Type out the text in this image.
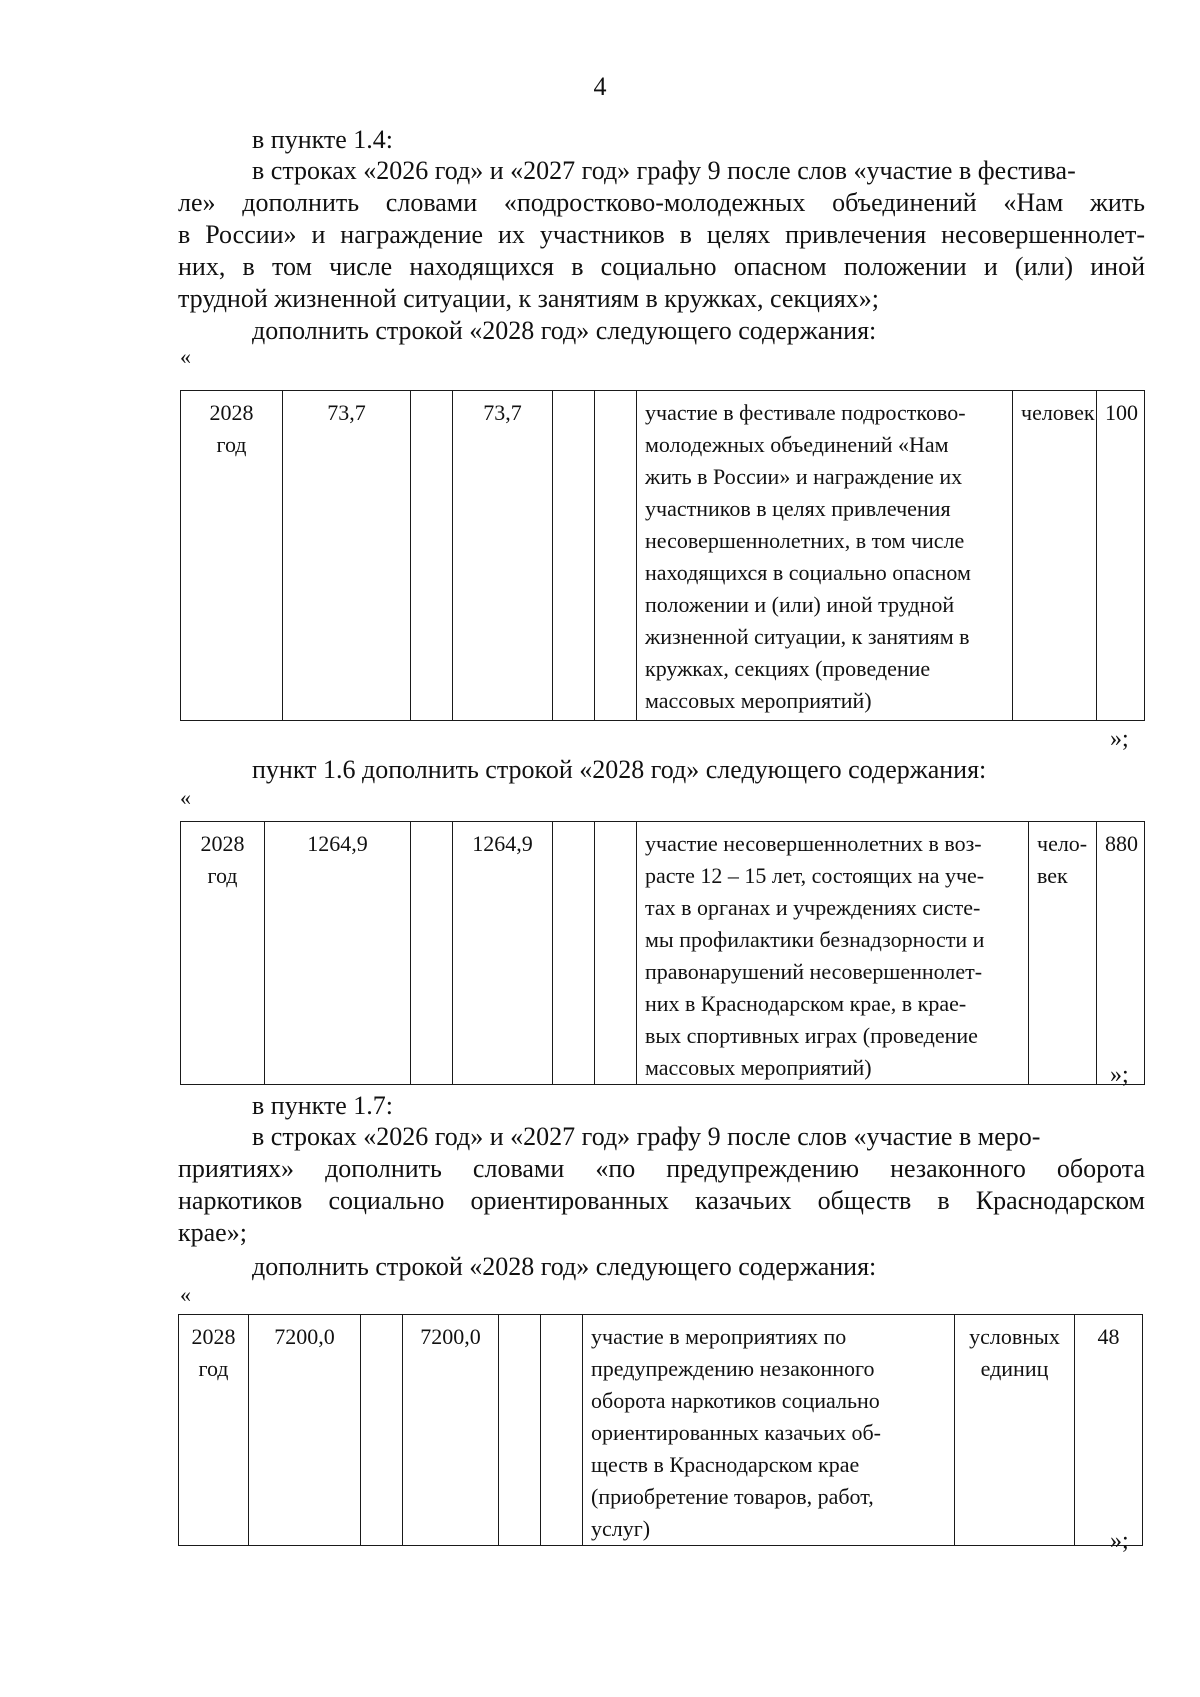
4

в пункте 1.4:

в строках «2026 год» и «2027 год» графу 9 после слов «участие в фестива-

ле» дополнить словами «подростково-молодежных объединений «Нам жить

в России» и награждение их участников в целях привлечения несовершеннолет-

них, в том числе находящихся в социально опасном положении и (или) иной

трудной жизненной ситуации, к занятиям в кружках, секциях»;

дополнить строкой «2028 год» следующего содержания:

«
2028
год
	73,7		73,7			участие в фестивале подростково-
молодежных объединений «Нам
жить в России» и награждение их
участников в целях привлечения
несовершеннолетних, в том числе
находящихся в социально опасном
положении и (или) иной трудной
жизненной ситуации, к занятиям в
кружках, секциях (проведение
массовых мероприятий)
	человек	100
»;

пункт 1.6 дополнить строкой «2028 год» следующего содержания:

«
2028
год
	1264,9		1264,9			участие несовершеннолетних в воз-
расте 12 – 15 лет, состоящих на уче-
тах в органах и учреждениях систе-
мы профилактики безнадзорности и
правонарушений несовершеннолет-
них в Краснодарском крае, в крае-
вых спортивных играх (проведение
массовых мероприятий)

чело-
век
	880
»;

в пункте 1.7:

в строках «2026 год» и «2027 год» графу 9 после слов «участие в меро-

приятиях» дополнить словами «по предупреждению незаконного оборота

наркотиков социально ориентированных казачьих обществ в Краснодарском

крае»;

дополнить строкой «2028 год» следующего содержания:

«
2028
год
	7200,0		7200,0			участие в мероприятиях по
предупреждению незаконного
оборота наркотиков социально
ориентированных казачьих об-
ществ в Краснодарском крае
(приобретение товаров, работ,
услуг)

условных
единиц
	48
»;
